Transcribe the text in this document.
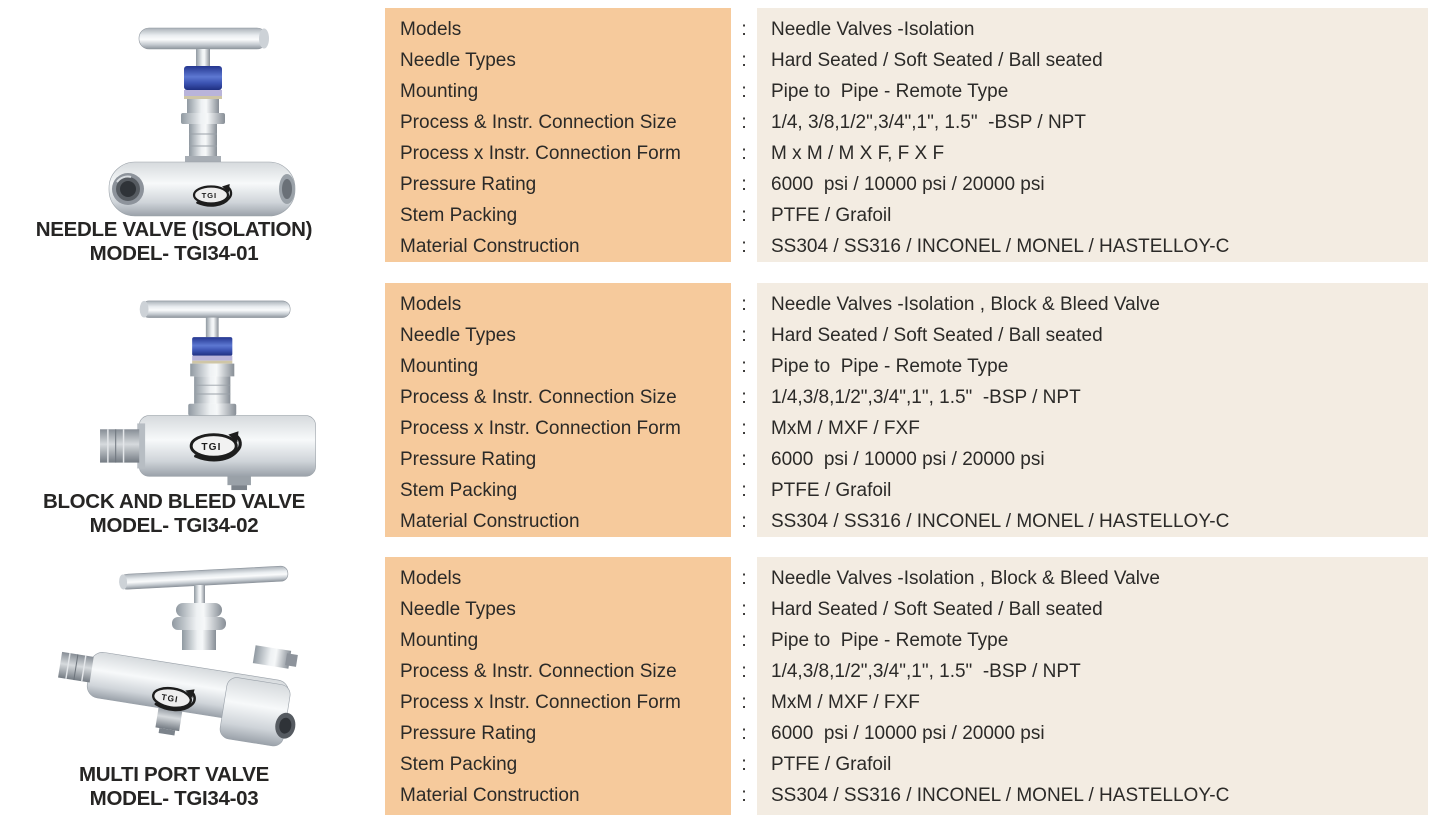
TGI
NEEDLE VALVE (ISOLATION)
MODEL- TGI34-01
TGI
BLOCK AND BLEED VALVE
MODEL- TGI34-02
TGI
MULTI PORT VALVE
MODEL- TGI34-03
Models
Needle Types
Mounting
Process & Instr. Connection Size
Process x Instr. Connection Form
Pressure Rating
Stem Packing
Material Construction
:
:
:
:
:
:
:
:
Needle Valves -Isolation
Hard Seated / Soft Seated / Ball seated
Pipe to  Pipe - Remote Type
1/4, 3/8,1/2",3/4",1", 1.5"  -BSP / NPT
M x M / M X F, F X F
6000  psi / 10000 psi / 20000 psi
PTFE / Grafoil
SS304 / SS316 / INCONEL / MONEL / HASTELLOY-C
Models
Needle Types
Mounting
Process & Instr. Connection Size
Process x Instr. Connection Form
Pressure Rating
Stem Packing
Material Construction
:
:
:
:
:
:
:
:
Needle Valves -Isolation , Block & Bleed Valve
Hard Seated / Soft Seated / Ball seated
Pipe to  Pipe - Remote Type
1/4,3/8,1/2",3/4",1", 1.5"  -BSP / NPT
MxM / MXF / FXF
6000  psi / 10000 psi / 20000 psi
PTFE / Grafoil
SS304 / SS316 / INCONEL / MONEL / HASTELLOY-C
Models
Needle Types
Mounting
Process & Instr. Connection Size
Process x Instr. Connection Form
Pressure Rating
Stem Packing
Material Construction
:
:
:
:
:
:
:
:
Needle Valves -Isolation , Block & Bleed Valve
Hard Seated / Soft Seated / Ball seated
Pipe to  Pipe - Remote Type
1/4,3/8,1/2",3/4",1", 1.5"  -BSP / NPT
MxM / MXF / FXF
6000  psi / 10000 psi / 20000 psi
PTFE / Grafoil
SS304 / SS316 / INCONEL / MONEL / HASTELLOY-C
